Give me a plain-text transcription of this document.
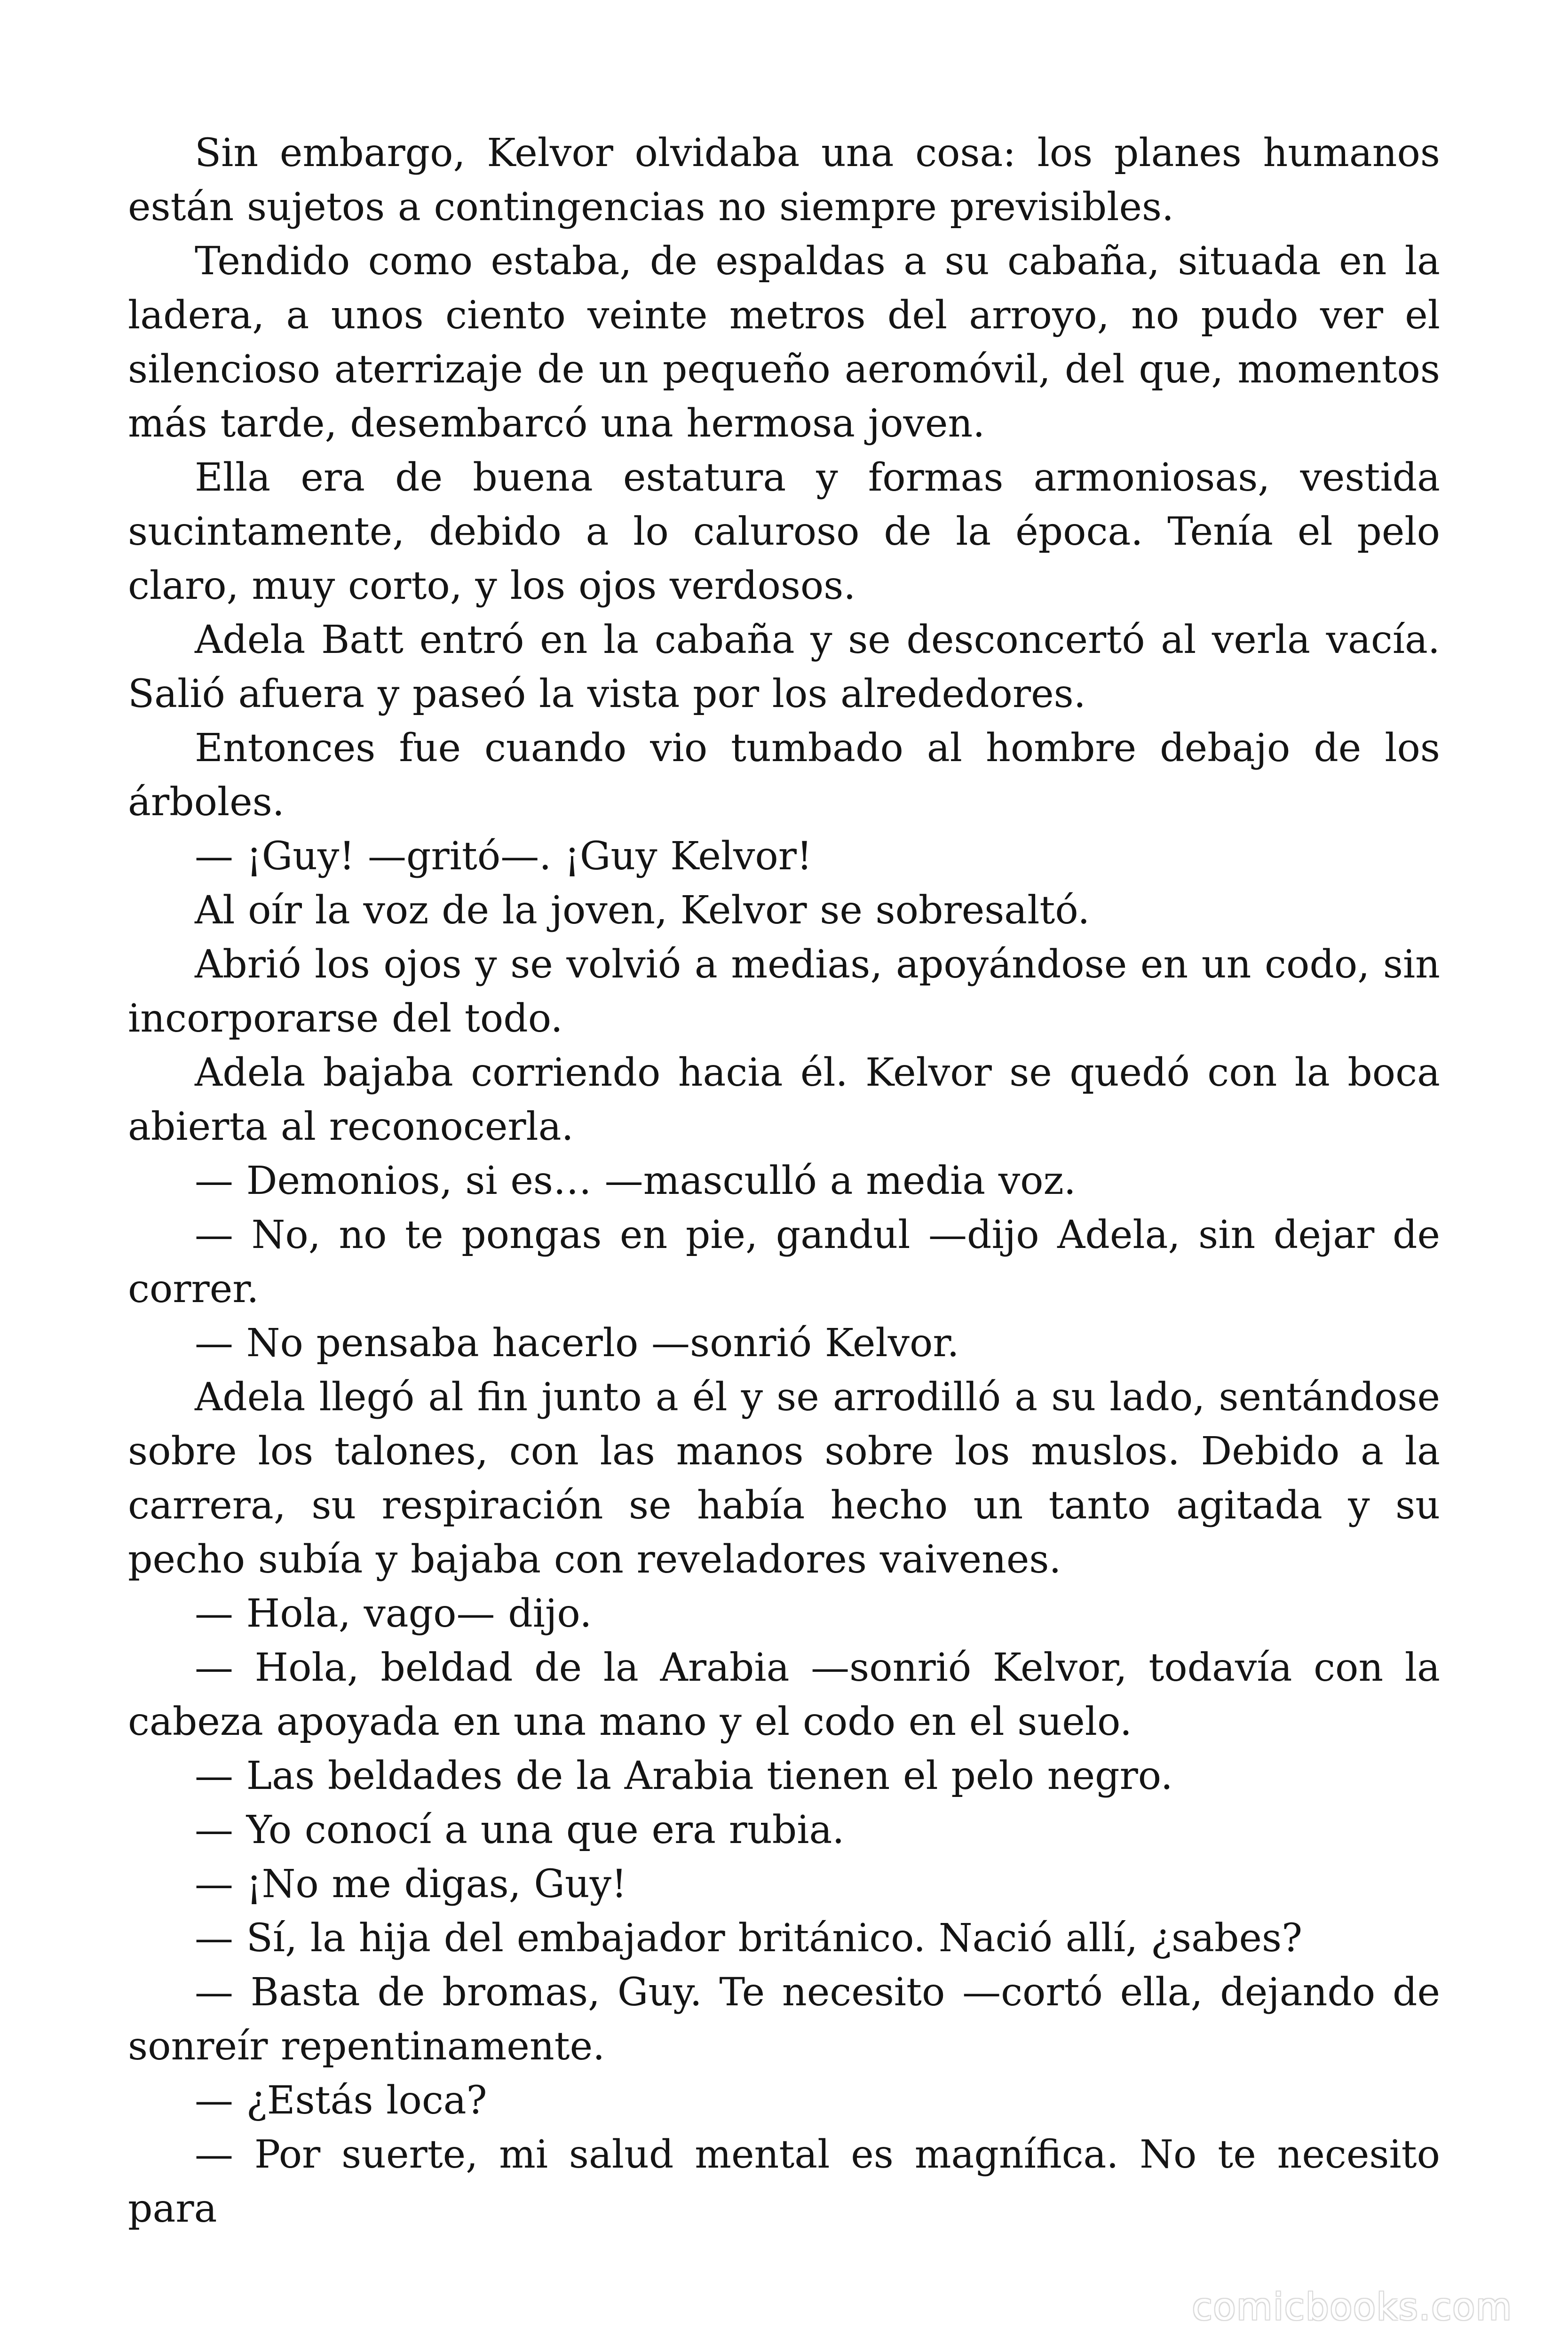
Sin embargo, Kelvor olvidaba una cosa: los planes humanos están sujetos a contingencias no siempre previsibles.

Tendido como estaba, de espaldas a su cabaña, situada en la ladera, a unos ciento veinte metros del arroyo, no pudo ver el silencioso aterrizaje de un pequeño aeromóvil, del que, momentos más tarde, desembarcó una hermosa joven.

Ella era de buena estatura y formas armoniosas, vestida sucintamente, debido a lo caluroso de la época. Tenía el pelo claro, muy corto, y los ojos verdosos.

Adela Batt entró en la cabaña y se desconcertó al verla vacía. Salió afuera y paseó la vista por los alrededores.

Entonces fue cuando vio tumbado al hombre debajo de los árboles.

— ¡Guy! —gritó—. ¡Guy Kelvor!

Al oír la voz de la joven, Kelvor se sobresaltó.

Abrió los ojos y se volvió a medias, apoyándose en un codo, sin incorporarse del todo.

Adela bajaba corriendo hacia él. Kelvor se quedó con la boca abierta al reconocerla.

— Demonios, si es… —masculló a media voz.

— No, no te pongas en pie, gandul —dijo Adela, sin dejar de correr.

— No pensaba hacerlo —sonrió Kelvor.

Adela llegó al fin junto a él y se arrodilló a su lado, sentándose sobre los talones, con las manos sobre los muslos. Debido a la carrera, su respiración se había hecho un tanto agitada y su pecho subía y bajaba con reveladores vaivenes.

— Hola, vago— dijo.

— Hola, beldad de la Arabia —sonrió Kelvor, todavía con la cabeza apoyada en una mano y el codo en el suelo.

— Las beldades de la Arabia tienen el pelo negro.

— Yo conocí a una que era rubia.

— ¡No me digas, Guy!

— Sí, la hija del embajador británico. Nació allí, ¿sabes?

— Basta de bromas, Guy. Te necesito —cortó ella, dejando de sonreír repentinamente.

— ¿Estás loca?

— Por suerte, mi salud mental es magnífica. No te necesito para

comicbooks.com
